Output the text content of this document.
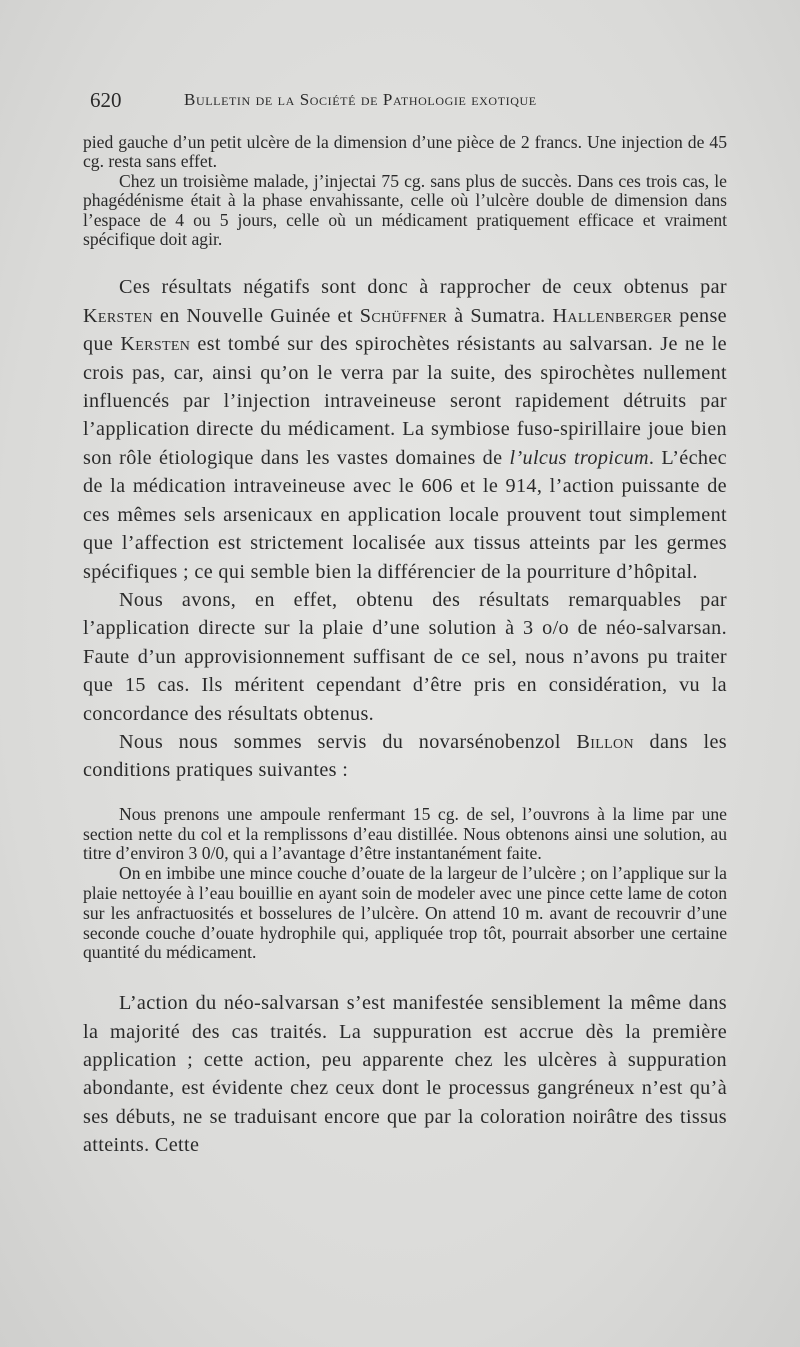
620	Bulletin de la Société de Pathologie exotique

pied gauche d’un petit ulcère de la dimension d’une pièce de 2 francs. Une injection de 45 cg. resta sans effet.

Chez un troisième malade, j’injectai 75 cg. sans plus de succès. Dans ces trois cas, le phagédénisme était à la phase envahissante, celle où l’ulcère double de dimension dans l’espace de 4 ou 5 jours, celle où un médicament pratiquement efficace et vraiment spécifique doit agir.

Ces résultats négatifs sont donc à rapprocher de ceux obtenus par Kersten en Nouvelle Guinée et Schüffner à Sumatra. Hallenberger pense que Kersten est tombé sur des spirochètes résistants au salvarsan. Je ne le crois pas, car, ainsi qu’on le verra par la suite, des spirochètes nullement influencés par l’injection intraveineuse seront rapidement détruits par l’application directe du médicament. La symbiose fuso-spirillaire joue bien son rôle étiologique dans les vastes domaines de l’ulcus tropicum. L’échec de la médication intraveineuse avec le 606 et le 914, l’action puissante de ces mêmes sels arsenicaux en application locale prouvent tout simplement que l’affection est strictement localisée aux tissus atteints par les germes spécifiques ; ce qui semble bien la différencier de la pourriture d’hôpital.

Nous avons, en effet, obtenu des résultats remarquables par l’application directe sur la plaie d’une solution à 3 o/o de néo-salvarsan. Faute d’un approvisionnement suffisant de ce sel, nous n’avons pu traiter que 15 cas. Ils méritent cependant d’être pris en considération, vu la concordance des résultats obtenus.

Nous nous sommes servis du novarsénobenzol Billon dans les conditions pratiques suivantes :

Nous prenons une ampoule renfermant 15 cg. de sel, l’ouvrons à la lime par une section nette du col et la remplissons d’eau distillée. Nous obtenons ainsi une solution, au titre d’environ 3 0/0, qui a l’avantage d’être instantanément faite.

On en imbibe une mince couche d’ouate de la largeur de l’ulcère ; on l’applique sur la plaie nettoyée à l’eau bouillie en ayant soin de modeler avec une pince cette lame de coton sur les anfractuosités et bosselures de l’ulcère. On attend 10 m. avant de recouvrir d’une seconde couche d’ouate hydrophile qui, appliquée trop tôt, pourrait absorber une certaine quantité du médicament.

L’action du néo-salvarsan s’est manifestée sensiblement la même dans la majorité des cas traités. La suppuration est accrue dès la première application ; cette action, peu apparente chez les ulcères à suppuration abondante, est évidente chez ceux dont le processus gangréneux n’est qu’à ses débuts, ne se traduisant encore que par la coloration noirâtre des tissus atteints. Cette
